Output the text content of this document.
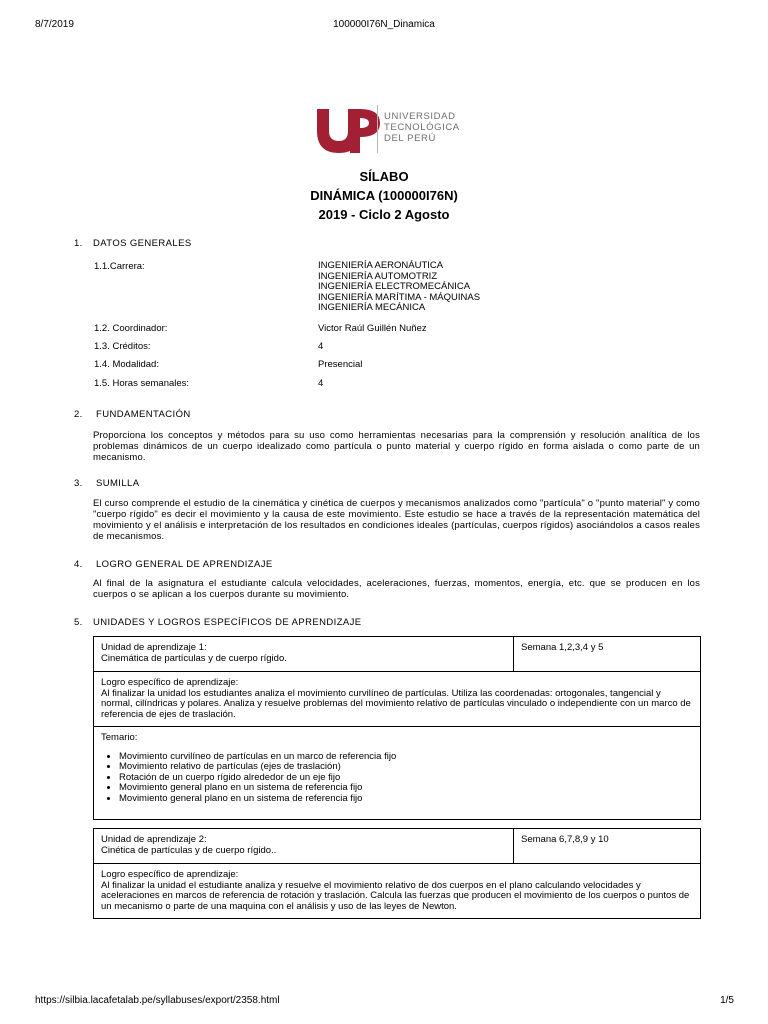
8/7/2019	100000I76N_Dinamica
UNIVERSIDAD
TECNOLÓGICA
DEL PERÚ
SÍLABO
DINÁMICA (100000I76N)
2019 - Ciclo 2 Agosto
1. DATOS GENERALES
1.1.Carrera:	INGENIERÍA AERONÁUTICA
INGENIERÍA AUTOMOTRIZ
INGENIERÍA ELECTROMECÁNICA
INGENIERÍA MARÍTIMA - MÁQUINAS
INGENIERÍA MECÁNICA
1.2. Coordinador:	Victor Raúl Guillén Nuñez
1.3. Créditos:	4
1.4. Modalidad:	Presencial
1.5. Horas semanales:	4
2. FUNDAMENTACIÓN
Proporciona los conceptos y métodos para su uso como herramientas necesarias para la comprensión y resolución analítica de los problemas dinámicos de un cuerpo idealizado como partícula o punto material y cuerpo rígido en forma aislada o como parte de un mecanismo.
3. SUMILLA
El curso comprende el estudio de la cinemática y cinética de cuerpos y mecanismos analizados como "partícula" o "punto material" y como "cuerpo rígido" es decir el movimiento y la causa de este movimiento. Este estudio se hace a través de la representación matemática del movimiento y el análisis e interpretación de los resultados en condiciones ideales (partículas, cuerpos rígidos) asociándolos a casos reales de mecanismos.
4. LOGRO GENERAL DE APRENDIZAJE
Al final de la asignatura el estudiante calcula velocidades, aceleraciones, fuerzas, momentos, energía, etc. que se producen en los cuerpos o se aplican a los cuerpos durante su movimiento.
5. UNIDADES Y LOGROS ESPECÍFICOS DE APRENDIZAJE
Unidad de aprendizaje 1:
Cinemática de partículas y de cuerpo rígido.
	Semana 1,2,3,4 y 5

Logro específico de aprendizaje:
Al finalizar la unidad los estudiantes analiza el movimiento curvilíneo de partículas. Utiliza las coordenadas: ortogonales, tangencial y normal, cilíndricas y polares. Analiza y resuelve problemas del movimiento relativo de partículas vinculado o independiente con un marco de referencia de ejes de traslación.

Temario:
• Movimiento curvilíneo de partículas en un marco de referencia fijo
• Movimiento relativo de partículas (ejes de traslación)
• Rotación de un cuerpo rígido alrededor de un eje fijo
• Movimiento general plano en un sistema de referencia fijo
• Movimiento general plano en un sistema de referencia fijo
Unidad de aprendizaje 2:
Cinética de partículas y de cuerpo rígido..
	Semana 6,7,8,9 y 10

Logro específico de aprendizaje:
Al finalizar la unidad el estudiante analiza y resuelve el movimiento relativo de dos cuerpos en el plano calculando velocidades y aceleraciones en marcos de referencia de rotación y traslación. Calcula las fuerzas que producen el movimiento de los cuerpos o puntos de un mecanismo o parte de una maquina con el análisis y uso de las leyes de Newton.
https://silbia.lacafetalab.pe/syllabuses/export/2358.html	1/5
